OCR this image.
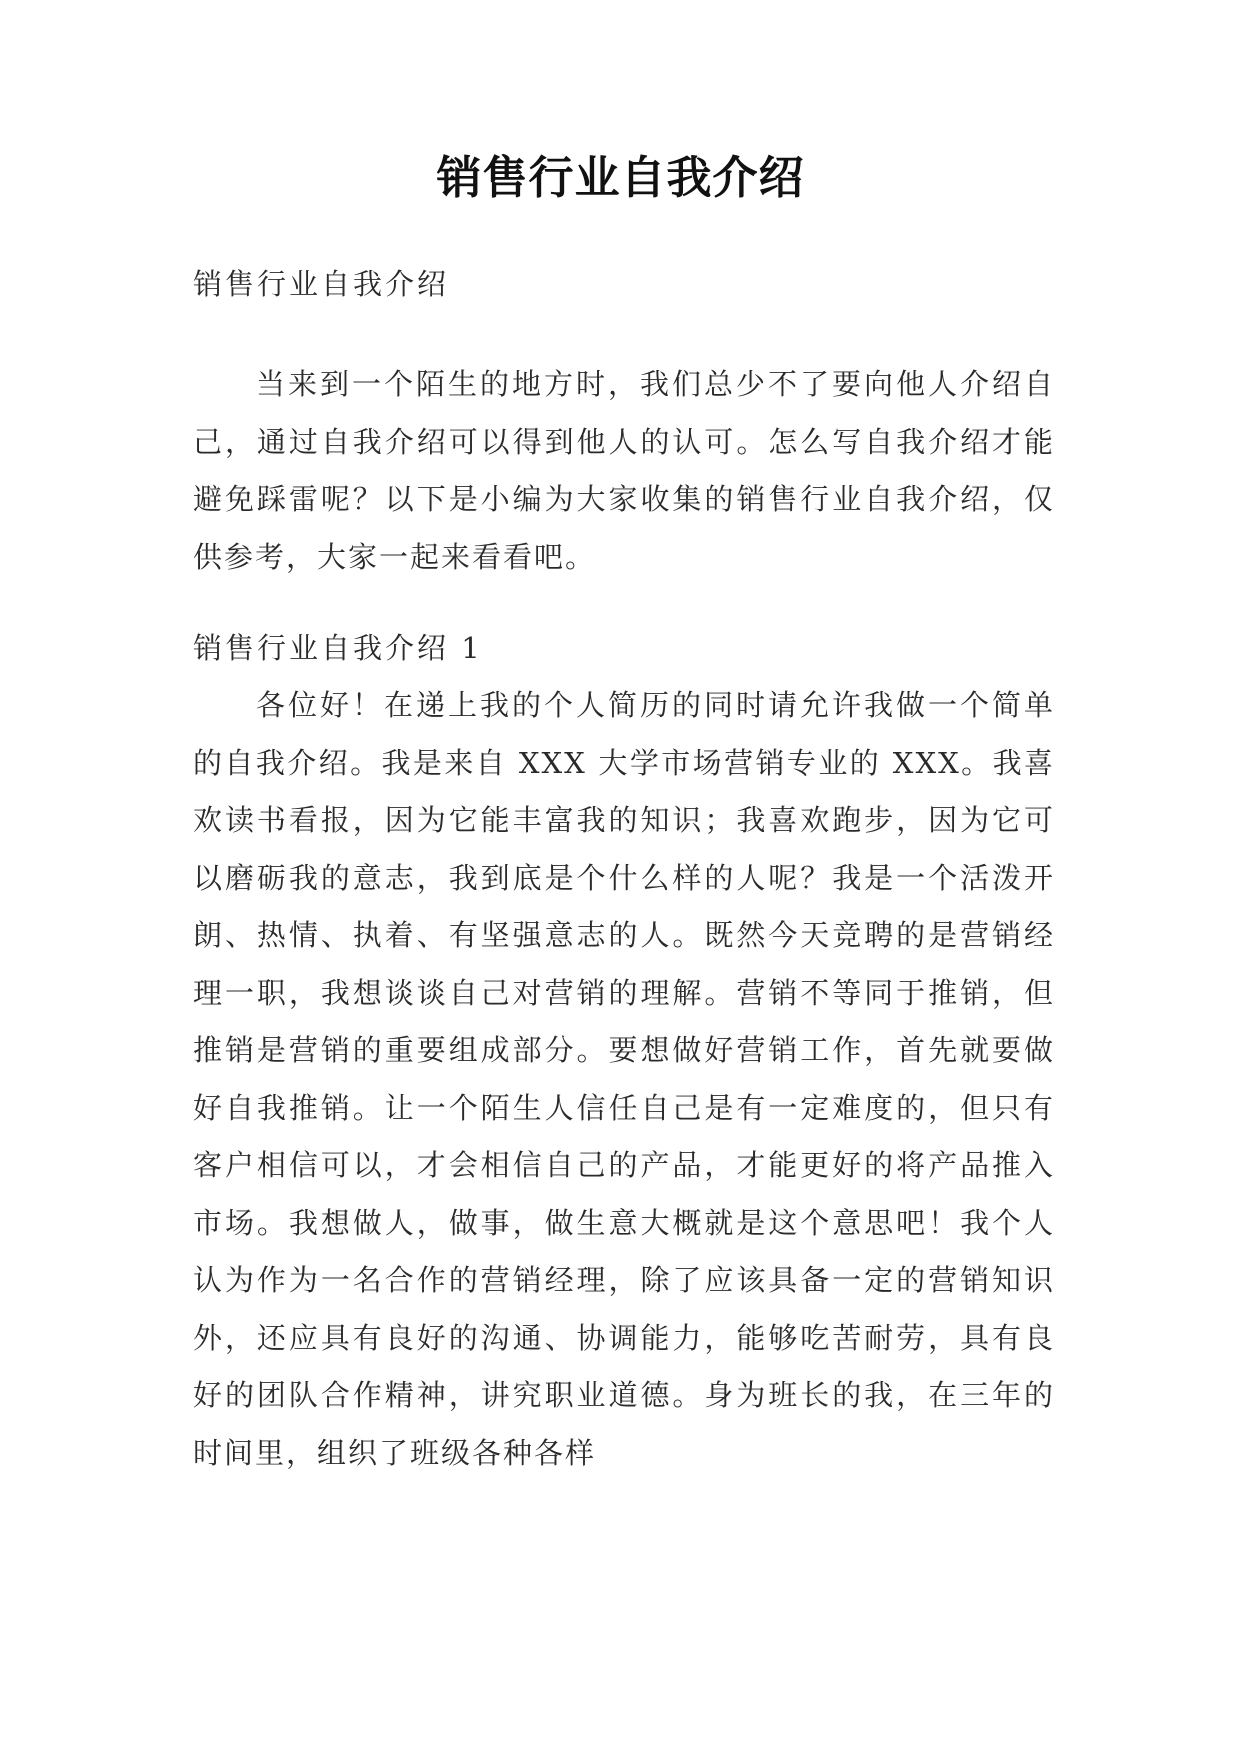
销售行业自我介绍
销售行业自我介绍

当来到一个陌生的地方时，我们总少不了要向他人介绍自己，通过自我介绍可以得到他人的认可。怎么写自我介绍才能避免踩雷呢？以下是小编为大家收集的销售行业自我介绍，仅供参考，大家一起来看看吧。

销售行业自我介绍 1

各位好！在递上我的个人简历的同时请允许我做一个简单的自我介绍。我是来自 XXX 大学市场营销专业的 XXX。我喜欢读书看报，因为它能丰富我的知识；我喜欢跑步，因为它可以磨砺我的意志，我到底是个什么样的人呢？我是一个活泼开朗、热情、执着、有坚强意志的人。既然今天竞聘的是营销经理一职，我想谈谈自己对营销的理解。营销不等同于推销，但推销是营销的重要组成部分。要想做好营销工作，首先就要做好自我推销。让一个陌生人信任自己是有一定难度的，但只有客户相信可以，才会相信自己的产品，才能更好的将产品推入市场。我想做人，做事，做生意大概就是这个意思吧！我个人认为作为一名合作的营销经理，除了应该具备一定的营销知识外，还应具有良好的沟通、协调能力，能够吃苦耐劳，具有良好的团队合作精神，讲究职业道德。身为班长的我，在三年的时间里，组织了班级各种各样
